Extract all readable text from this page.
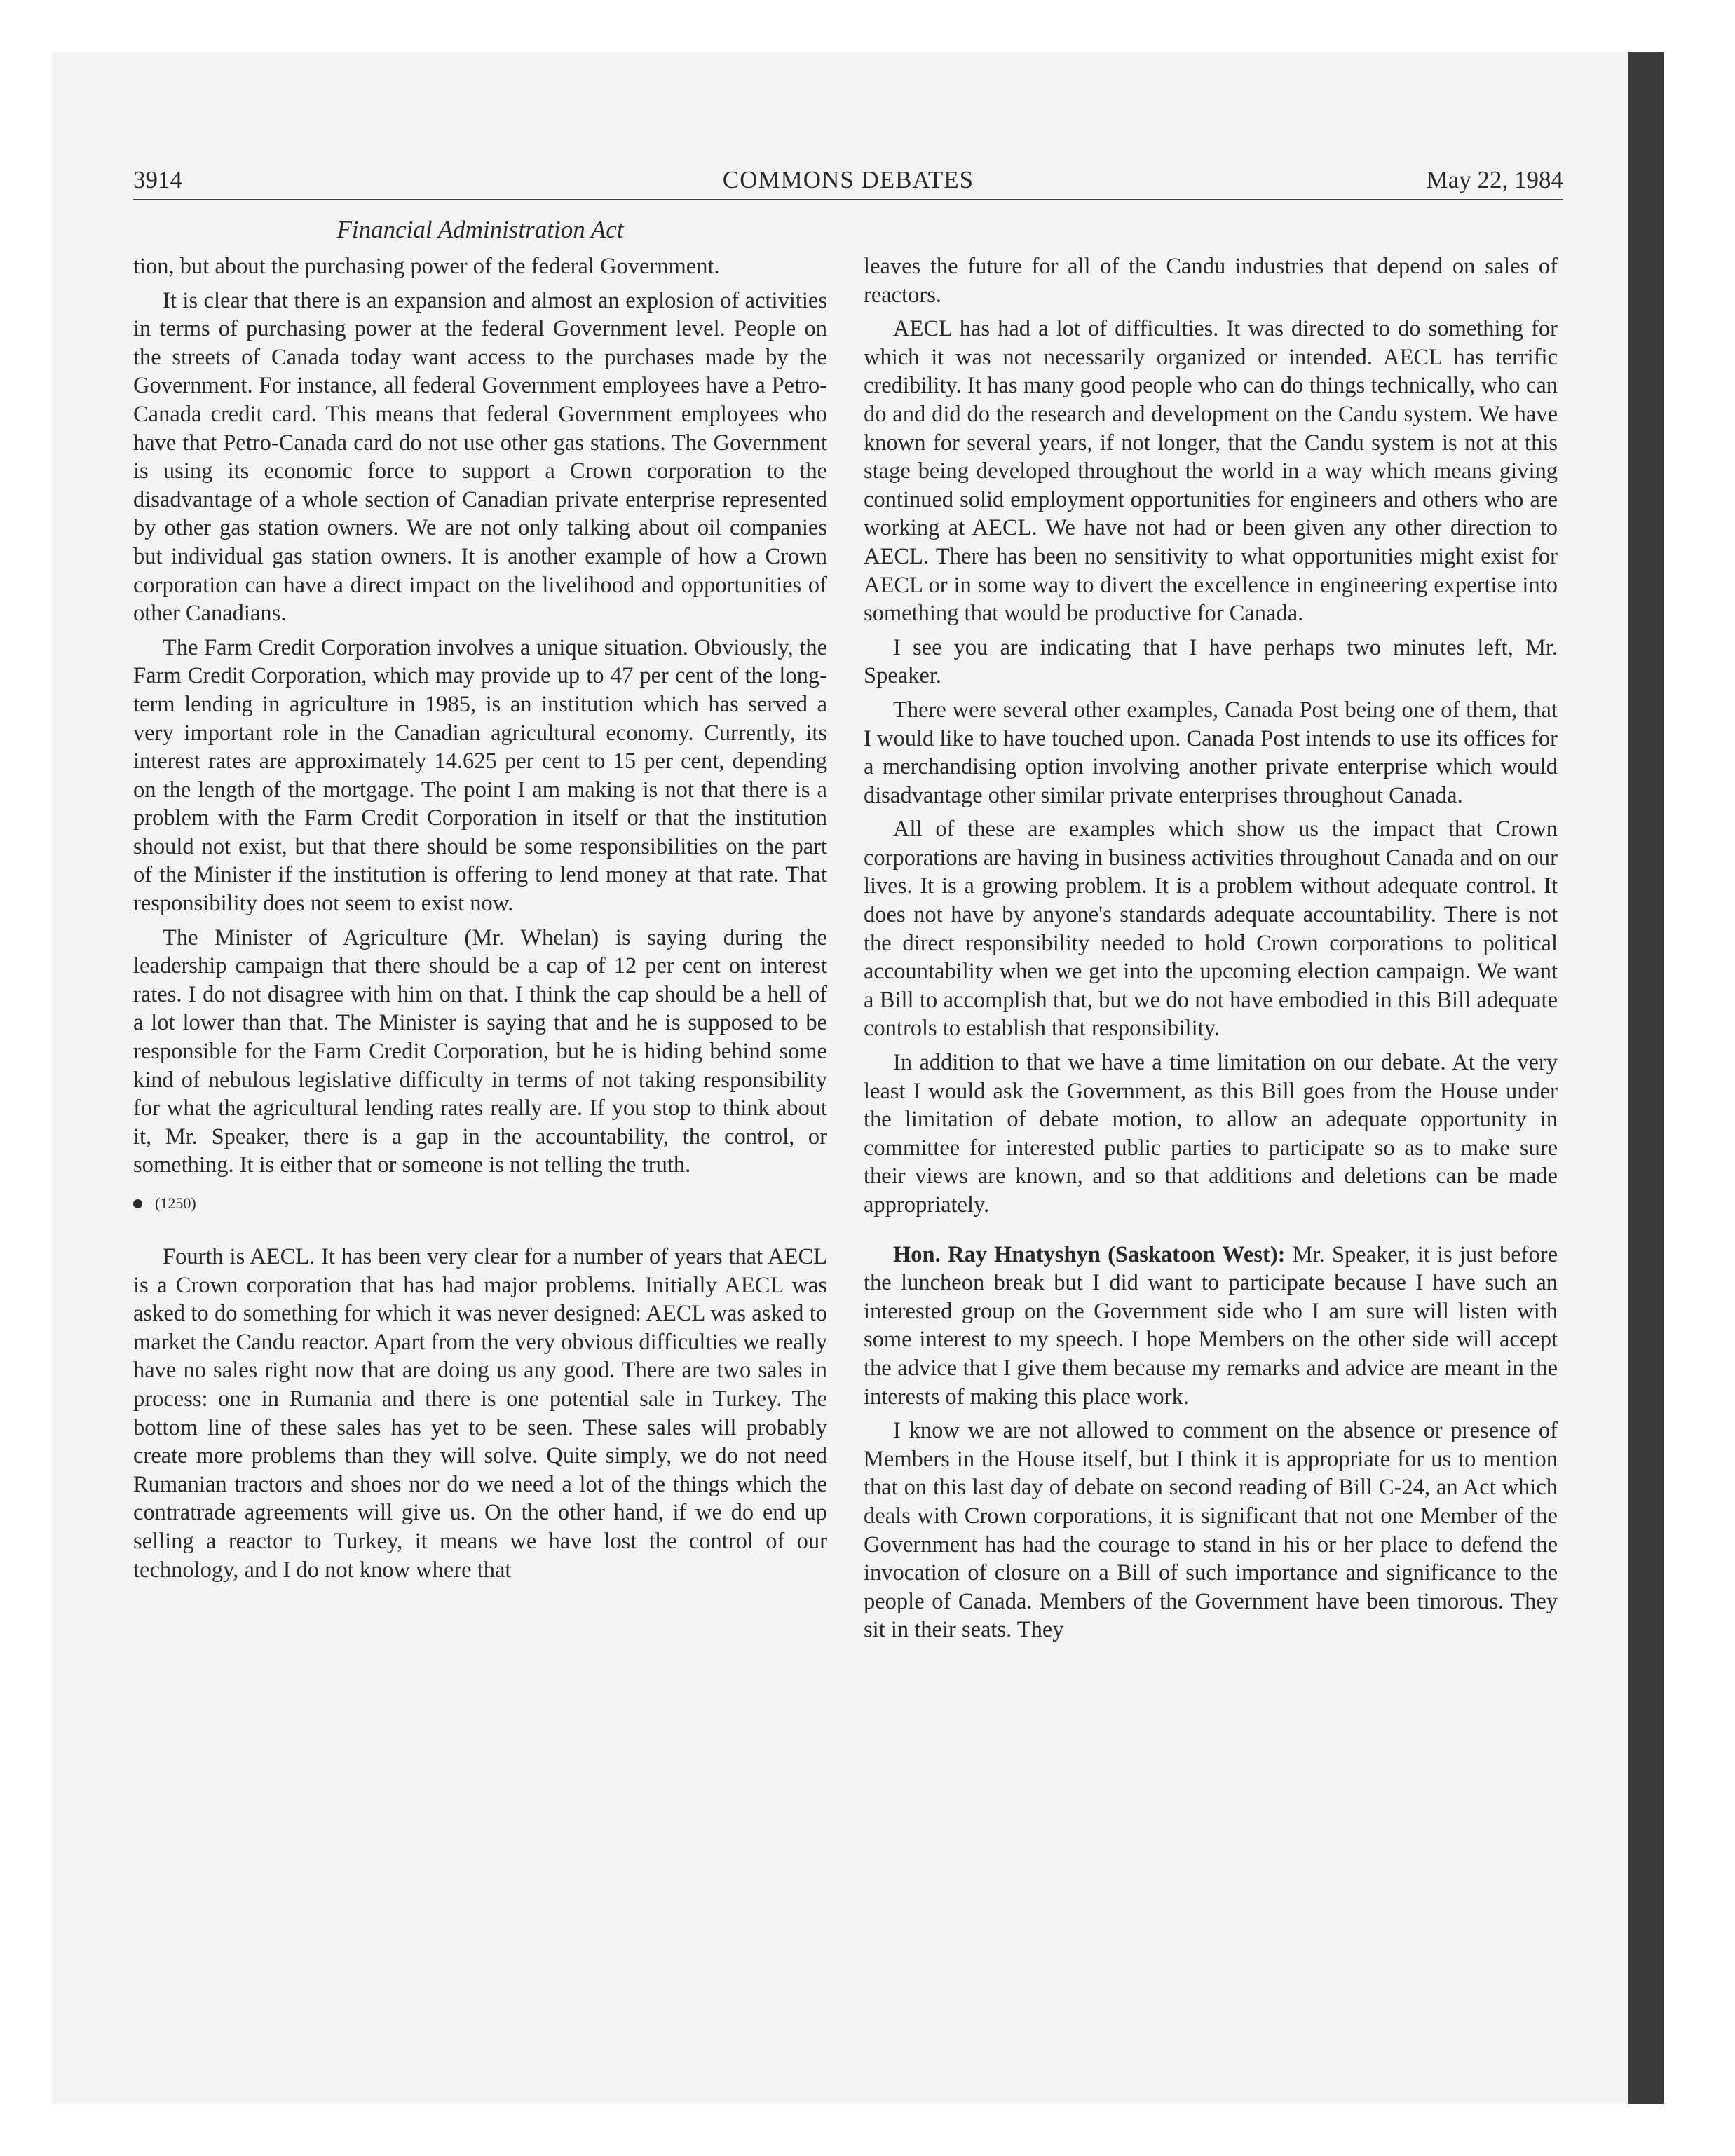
3914	COMMONS DEBATES	May 22, 1984
Financial Administration Act

tion, but about the purchasing power of the federal Government.

It is clear that there is an expansion and almost an explosion of activities in terms of purchasing power at the federal Government level. People on the streets of Canada today want access to the purchases made by the Government. For instance, all federal Government employees have a Petro-Canada credit card. This means that federal Government employees who have that Petro-Canada card do not use other gas stations. The Government is using its economic force to support a Crown corporation to the disadvantage of a whole section of Canadian private enterprise represented by other gas station owners. We are not only talking about oil companies but individual gas station owners. It is another example of how a Crown corporation can have a direct impact on the livelihood and opportunities of other Canadians.

The Farm Credit Corporation involves a unique situation. Obviously, the Farm Credit Corporation, which may provide up to 47 per cent of the long-term lending in agriculture in 1985, is an institution which has served a very important role in the Canadian agricultural economy. Currently, its interest rates are approximately 14.625 per cent to 15 per cent, depending on the length of the mortgage. The point I am making is not that there is a problem with the Farm Credit Corporation in itself or that the institution should not exist, but that there should be some responsibilities on the part of the Minister if the institution is offering to lend money at that rate. That responsibility does not seem to exist now.

The Minister of Agriculture (Mr. Whelan) is saying during the leadership campaign that there should be a cap of 12 per cent on interest rates. I do not disagree with him on that. I think the cap should be a hell of a lot lower than that. The Minister is saying that and he is supposed to be responsible for the Farm Credit Corporation, but he is hiding behind some kind of nebulous legislative difficulty in terms of not taking responsibility for what the agricultural lending rates really are. If you stop to think about it, Mr. Speaker, there is a gap in the accountability, the control, or something. It is either that or someone is not telling the truth.

(1250)

Fourth is AECL. It has been very clear for a number of years that AECL is a Crown corporation that has had major problems. Initially AECL was asked to do something for which it was never designed: AECL was asked to market the Candu reactor. Apart from the very obvious difficulties we really have no sales right now that are doing us any good. There are two sales in process: one in Rumania and there is one potential sale in Turkey. The bottom line of these sales has yet to be seen. These sales will probably create more problems than they will solve. Quite simply, we do not need Rumanian tractors and shoes nor do we need a lot of the things which the contratrade agreements will give us. On the other hand, if we do end up selling a reactor to Turkey, it means we have lost the control of our technology, and I do not know where that

leaves the future for all of the Candu industries that depend on sales of reactors.

AECL has had a lot of difficulties. It was directed to do something for which it was not necessarily organized or intended. AECL has terrific credibility. It has many good people who can do things technically, who can do and did do the research and development on the Candu system. We have known for several years, if not longer, that the Candu system is not at this stage being developed throughout the world in a way which means giving continued solid employment opportunities for engineers and others who are working at AECL. We have not had or been given any other direction to AECL. There has been no sensitivity to what opportunities might exist for AECL or in some way to divert the excellence in engineering expertise into something that would be productive for Canada.

I see you are indicating that I have perhaps two minutes left, Mr. Speaker.

There were several other examples, Canada Post being one of them, that I would like to have touched upon. Canada Post intends to use its offices for a merchandising option involving another private enterprise which would disadvantage other similar private enterprises throughout Canada.

All of these are examples which show us the impact that Crown corporations are having in business activities throughout Canada and on our lives. It is a growing problem. It is a problem without adequate control. It does not have by anyone's standards adequate accountability. There is not the direct responsibility needed to hold Crown corporations to political accountability when we get into the upcoming election campaign. We want a Bill to accomplish that, but we do not have embodied in this Bill adequate controls to establish that responsibility.

In addition to that we have a time limitation on our debate. At the very least I would ask the Government, as this Bill goes from the House under the limitation of debate motion, to allow an adequate opportunity in committee for interested public parties to participate so as to make sure their views are known, and so that additions and deletions can be made appropriately.

Hon. Ray Hnatyshyn (Saskatoon West): Mr. Speaker, it is just before the luncheon break but I did want to participate because I have such an interested group on the Government side who I am sure will listen with some interest to my speech. I hope Members on the other side will accept the advice that I give them because my remarks and advice are meant in the interests of making this place work.

I know we are not allowed to comment on the absence or presence of Members in the House itself, but I think it is appropriate for us to mention that on this last day of debate on second reading of Bill C-24, an Act which deals with Crown corporations, it is significant that not one Member of the Government has had the courage to stand in his or her place to defend the invocation of closure on a Bill of such importance and significance to the people of Canada. Members of the Government have been timorous. They sit in their seats. They
